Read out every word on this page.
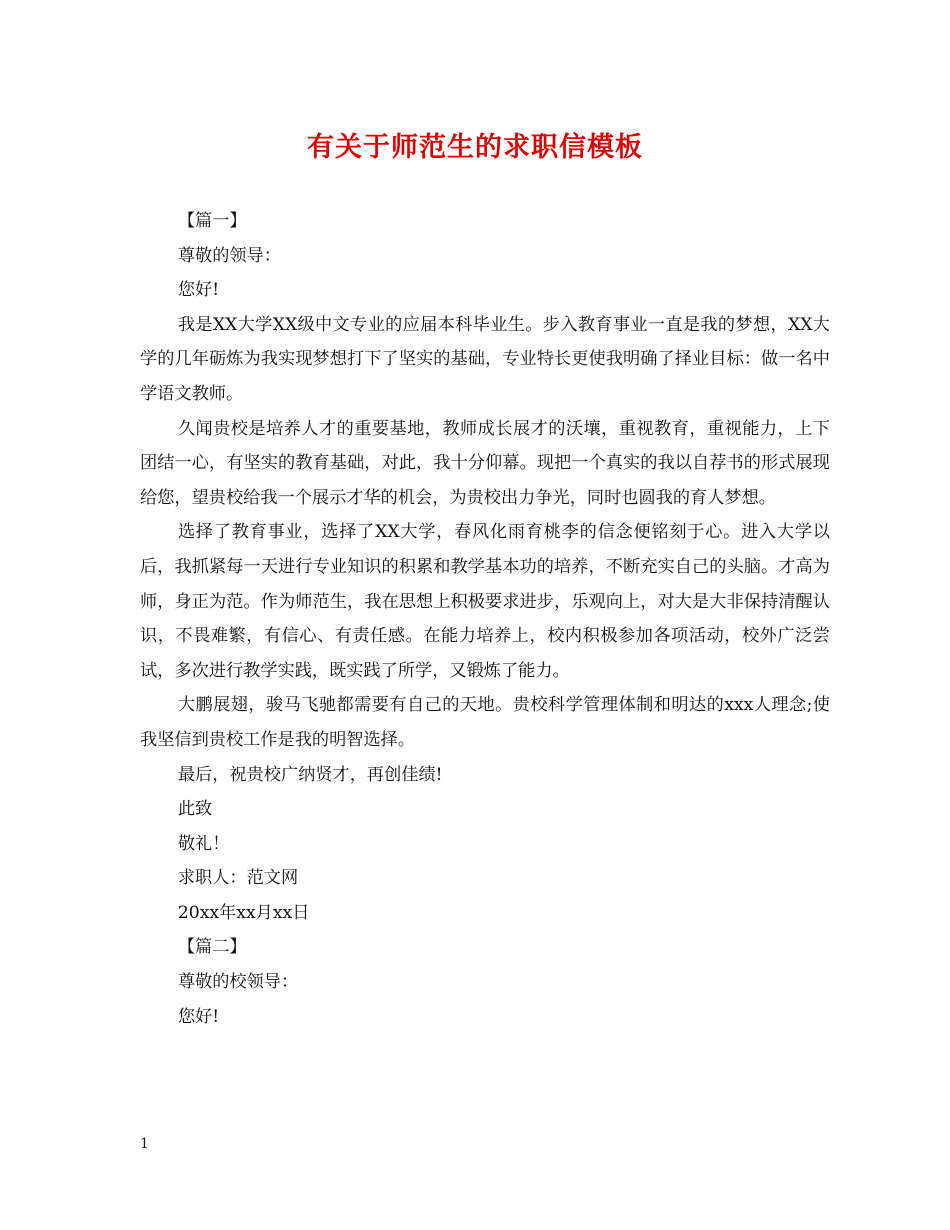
有关于师范生的求职信模板

【篇一】

尊敬的领导：

您好!

我是XX大学XX级中文专业的应届本科毕业生。步入教育事业一直是我的梦想，XX大学的几年砺炼为我实现梦想打下了坚实的基础，专业特长更使我明确了择业目标：做一名中学语文教师。

久闻贵校是培养人才的重要基地，教师成长展才的沃壤，重视教育，重视能力，上下团结一心，有坚实的教育基础，对此，我十分仰幕。现把一个真实的我以自荐书的形式展现给您，望贵校给我一个展示才华的机会，为贵校出力争光，同时也圆我的育人梦想。

选择了教育事业，选择了XX大学，春风化雨育桃李的信念便铭刻于心。进入大学以后，我抓紧每一天进行专业知识的积累和教学基本功的培养，不断充实自己的头脑。才高为师，身正为范。作为师范生，我在思想上积极要求进步，乐观向上，对大是大非保持清醒认识，不畏难繁，有信心、有责任感。在能力培养上，校内积极参加各项活动，校外广泛尝试，多次进行教学实践，既实践了所学，又锻炼了能力。

大鹏展翅，骏马飞驰都需要有自己的天地。贵校科学管理体制和明达的xxx人理念;使我坚信到贵校工作是我的明智选择。

最后，祝贵校广纳贤才，再创佳绩!

此致

敬礼！

求职人：范文网

20xx年xx月xx日

【篇二】

尊敬的校领导：

您好!

1
